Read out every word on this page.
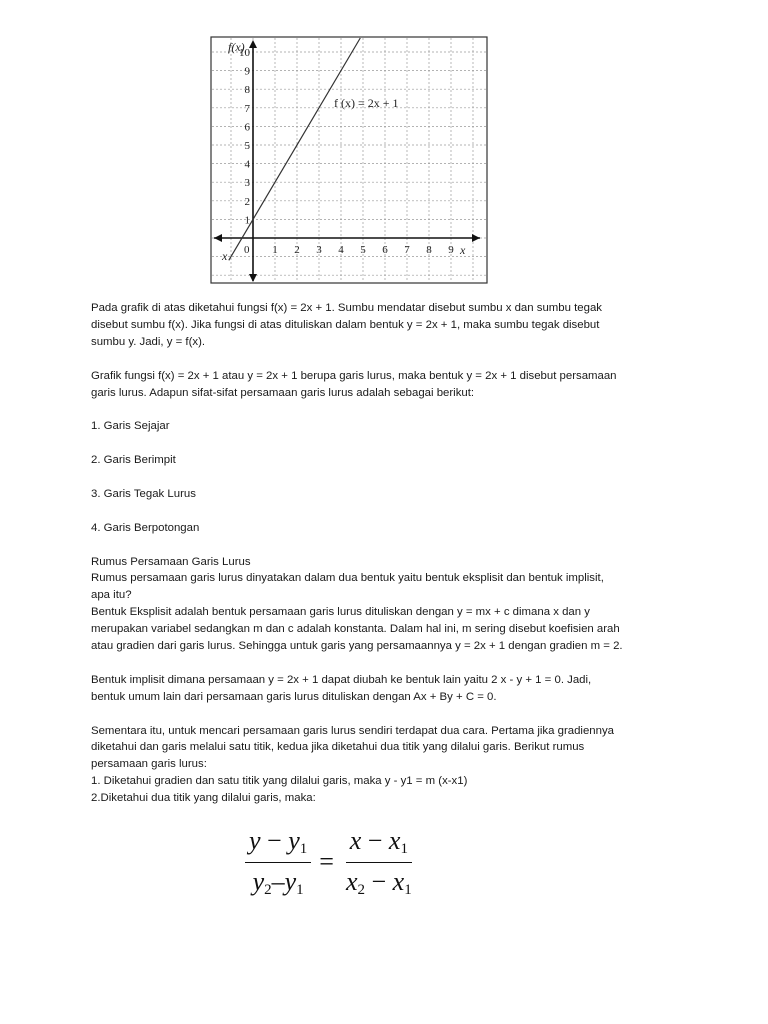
1 2 3 4 5 6 7 8 9
1
2
3
4
5
6
7
8
9
10
f(x)
x
x 0
f (x) = 2x + 1

Pada grafik di atas diketahui fungsi f(x) = 2x + 1. Sumbu mendatar disebut sumbu x dan sumbu tegak

disebut sumbu f(x). Jika fungsi di atas dituliskan dalam bentuk y = 2x + 1, maka sumbu tegak disebut

sumbu y. Jadi, y = f(x).

Grafik fungsi f(x) = 2x + 1 atau y = 2x + 1 berupa garis lurus, maka bentuk y = 2x + 1 disebut persamaan

garis lurus. Adapun sifat-sifat persamaan garis lurus adalah sebagai berikut:

1. Garis Sejajar

2. Garis Berimpit

3. Garis Tegak Lurus

4. Garis Berpotongan

Rumus Persamaan Garis Lurus

Rumus persamaan garis lurus dinyatakan dalam dua bentuk yaitu bentuk eksplisit dan bentuk implisit,

apa itu?

Bentuk Eksplisit adalah bentuk persamaan garis lurus dituliskan dengan y = mx + c dimana x dan y

merupakan variabel sedangkan m dan c adalah konstanta. Dalam hal ini, m sering disebut koefisien arah

atau gradien dari garis lurus. Sehingga untuk garis yang persamaannya y = 2x + 1 dengan gradien m = 2.

Bentuk implisit dimana persamaan y = 2x + 1 dapat diubah ke bentuk lain yaitu 2 x - y + 1 = 0. Jadi,

bentuk umum lain dari persamaan garis lurus dituliskan dengan Ax + By + C = 0.

Sementara itu, untuk mencari persamaan garis lurus sendiri terdapat dua cara. Pertama jika gradiennya

diketahui dan garis melalui satu titik, kedua jika diketahui dua titik yang dilalui garis. Berikut rumus

persamaan garis lurus:

1. Diketahui gradien dan satu titik yang dilalui garis, maka y - y1 = m (x-x1)

2.Diketahui dua titik yang dilalui garis, maka:

$\frac{y - y_1}{y_2-y_1} = \frac{x - x_1}{x_2 - x_1}$
